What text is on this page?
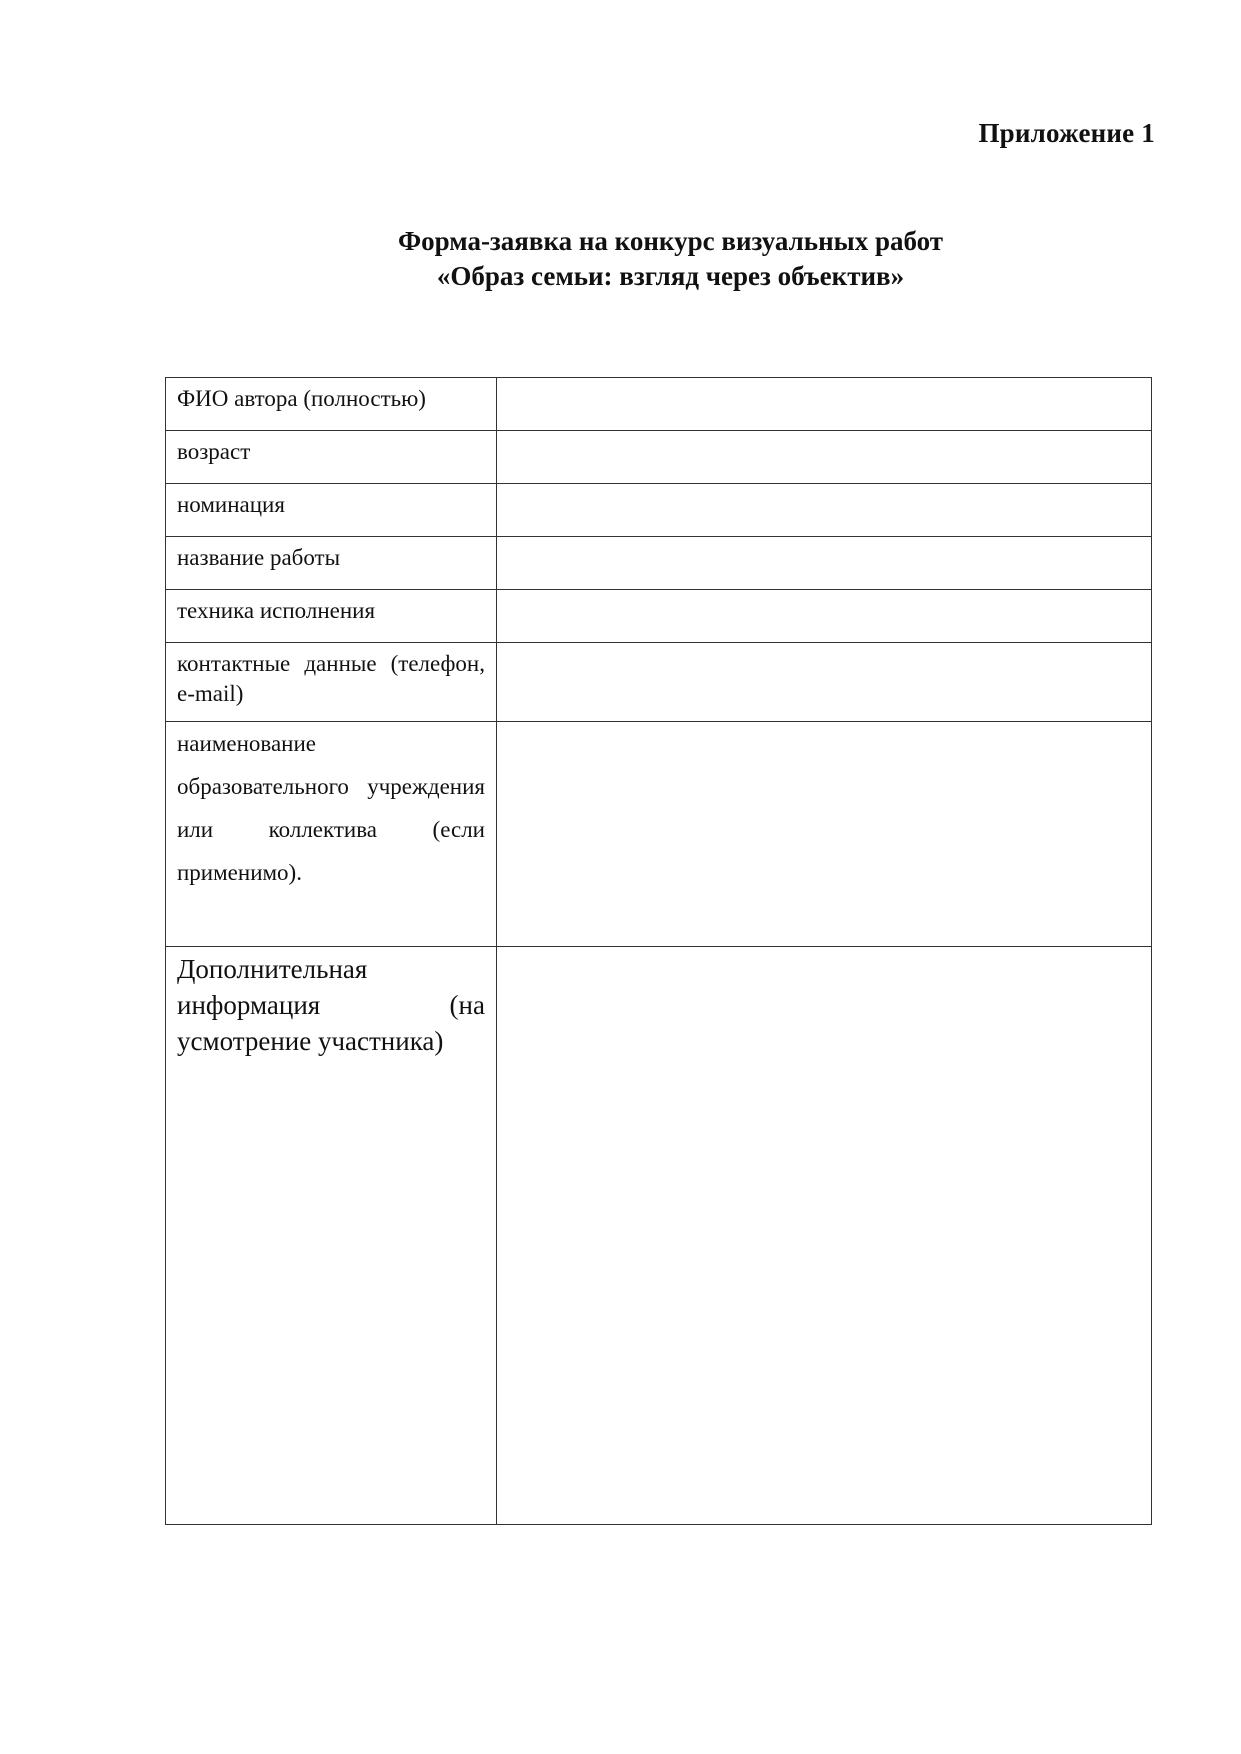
Приложение 1
Форма-заявка на конкурс визуальных работ
«Образ семьи: взгляд через объектив»
ФИО автора (полностью)	
возраст	
номинация	
название работы	
техника исполнения	
контактные данные (телефон, e-mail)	
наименование образовательного учреждения или коллектива (если применимо).	
Дополнительная информация (на усмотрение участника)	
